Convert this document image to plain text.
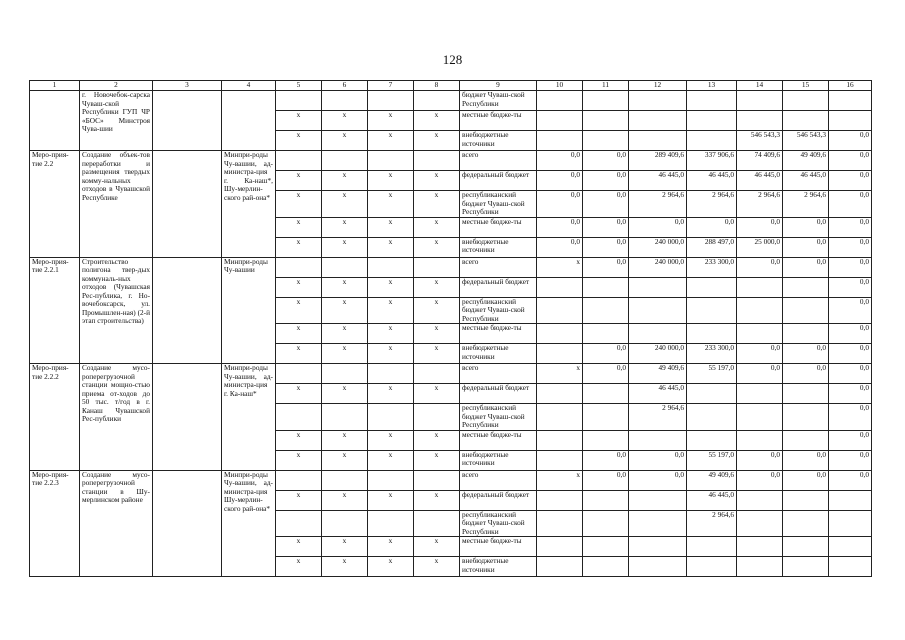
128
1	2	3	4	5	6	7	8	9	10	11	12	13	14	15	16
	г. Новочебок-сарска Чуваш-ской Республики ГУП ЧР «БОС» Минстроя Чува-шии							бюджет Чуваш-ской Республики							
				x	x	x	x	местные бюдже-ты							
				x	x	x	x	внебюджетные источники					546 543,3	546 543,3	0,0
Меро-прия-тие 2.2	Создание объек-тов переработки и размещения твердых комму-нальных отходов в Чувашской Республике		Минпри-роды Чу-вашии, ад-министра-ция г. Ка-наш*, Шу-мерлин-ского рай-она*					всего	0,0	0,0	289 409,6	337 906,6	74 409,6	49 409,6	0,0
				x	x	x	x	федеральный бюджет	0,0	0,0	46 445,0	46 445,0	46 445,0	46 445,0	0,0
				x	x	x	x	республиканский бюджет Чуваш-ской Республики	0,0	0,0	2 964,6	2 964,6	2 964,6	2 964,6	0,0
				x	x	x	x	местные бюдже-ты	0,0	0,0	0,0	0,0	0,0	0,0	0,0
				x	x	x	x	внебюджетные источники	0,0	0,0	240 000,0	288 497,0	25 000,0	0,0	0,0
Меро-прия-тие 2.2.1	Строительство полигона твер-дых коммуналь-ных отходов (Чувашская Рес-публика, г. Но-вочебоксарск, ул. Промышлен-ная) (2-й этап строительства)		Минпри-роды Чу-вашии					всего	x	0,0	240 000,0	233 300,0	0,0	0,0	0,0
				x	x	x	x	федеральный бюджет							0,0
				x	x	x	x	республиканский бюджет Чуваш-ской Республики							0,0
				x	x	x	x	местные бюдже-ты							0,0
				x	x	x	x	внебюджетные источники		0,0	240 000,0	233 300,0	0,0	0,0	0,0
Меро-прия-тие 2.2.2	Создание мусо-роперегрузочной станции мощно-стью приема от-ходов до 50 тыс. т/год в г. Канаш Чувашской Рес-публики		Минпри-роды Чу-вашии, ад-министра-ция г. Ка-наш*					всего	x	0,0	49 409,6	55 197,0	0,0	0,0	0,0
				x	x	x	x	федеральный бюджет			46 445,0				0,0
								республиканский бюджет Чуваш-ской Республики			2 964,6				0,0
				x	x	x	x	местные бюдже-ты							0,0
				x	x	x	x	внебюджетные источники		0,0	0,0	55 197,0	0,0	0,0	0,0
Меро-прия-тие 2.2.3	Создание мусо-роперегрузочной станции в Шу-мерлинском районе		Минпри-роды Чу-вашии, ад-министра-ция Шу-мерлин-ского рай-она*					всего	x	0,0	0,0	49 409,6	0,0	0,0	0,0
				x	x	x	x	федеральный бюджет				46 445,0			
								республиканский бюджет Чуваш-ской Республики				2 964,6			
				x	x	x	x	местные бюдже-ты							
				x	x	x	x	внебюджетные источники							
